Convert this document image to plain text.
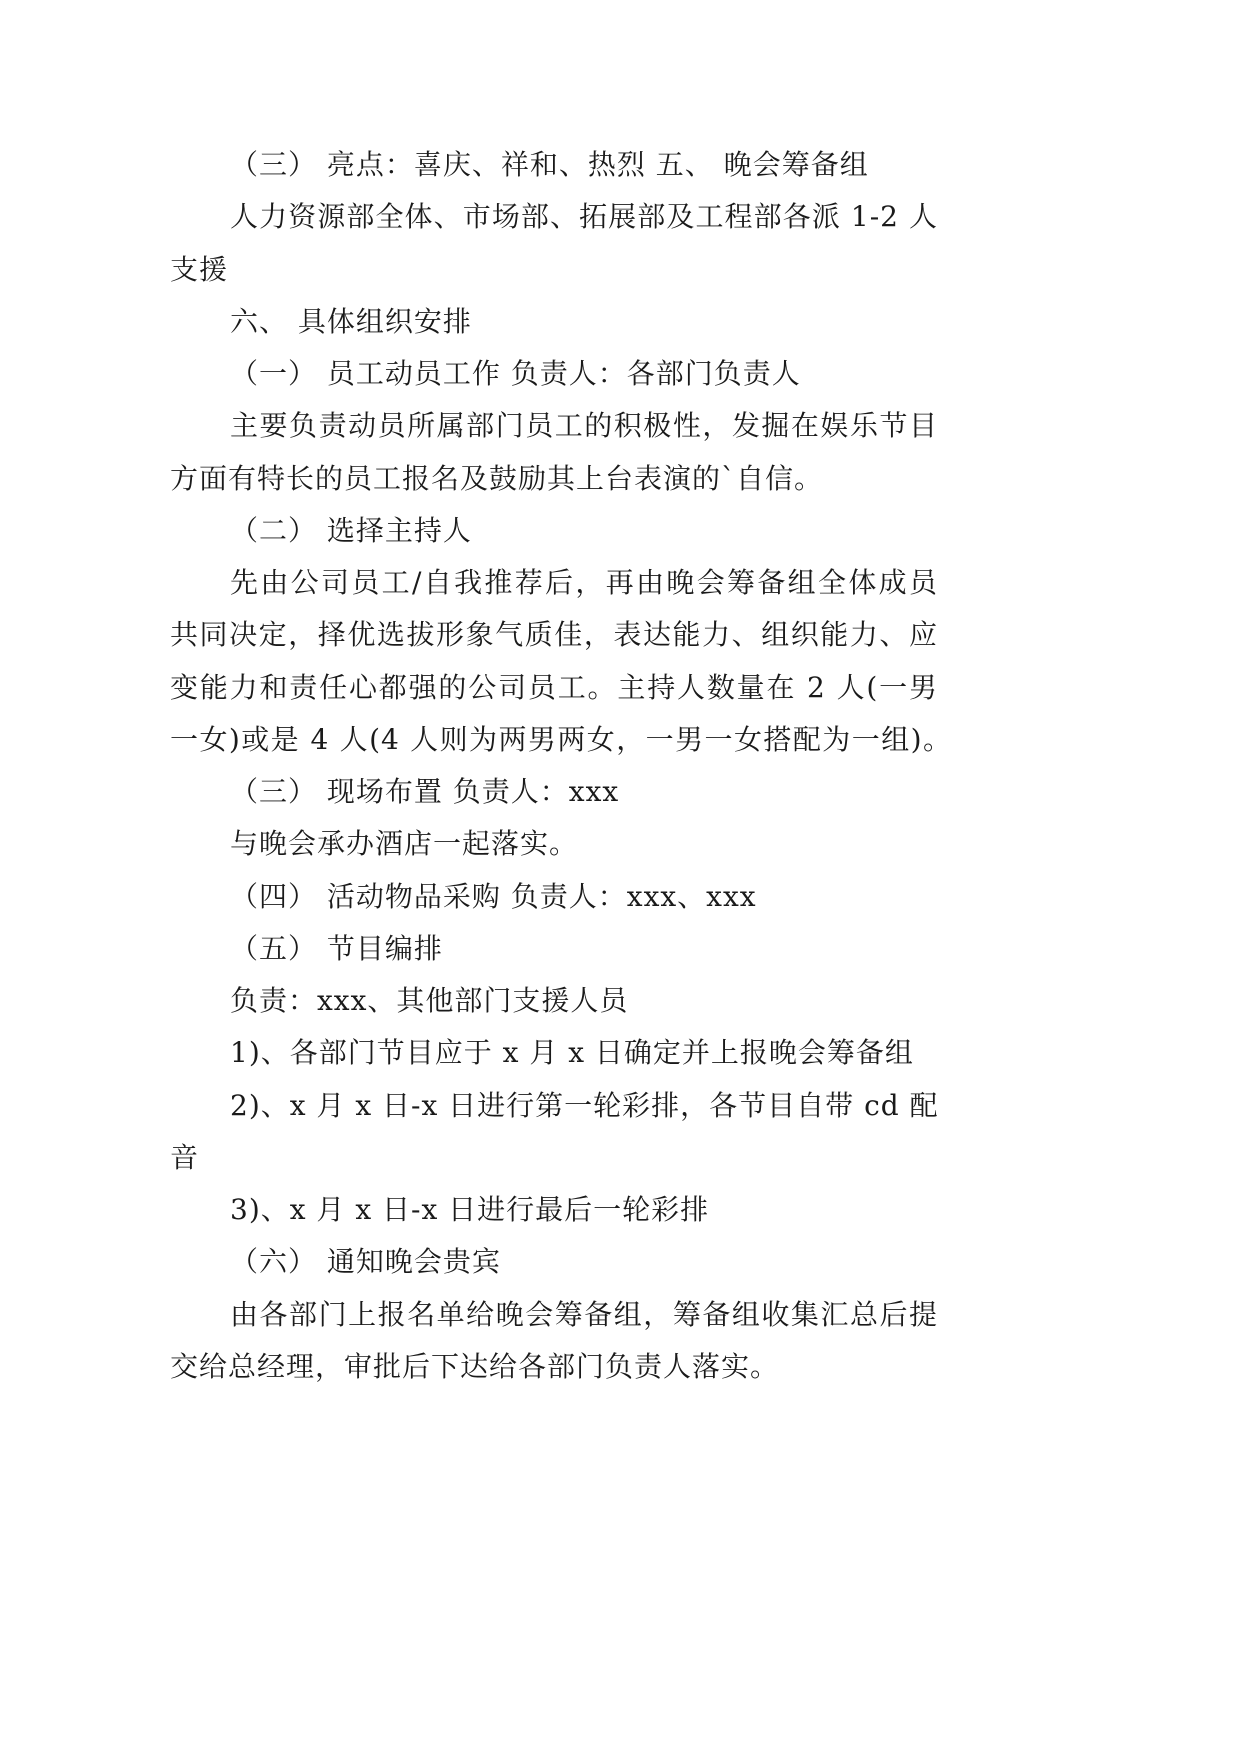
（三） 亮点：喜庆、祥和、热烈 五、 晚会筹备组
人力资源部全体、市场部、拓展部及工程部各派 1-2 人
支援
六、 具体组织安排
（一） 员工动员工作 负责人：各部门负责人
主要负责动员所属部门员工的积极性，发掘在娱乐节目
方面有特长的员工报名及鼓励其上台表演的`自信。
（二） 选择主持人
先由公司员工/自我推荐后，再由晚会筹备组全体成员
共同决定，择优选拔形象气质佳，表达能力、组织能力、应
变能力和责任心都强的公司员工。主持人数量在 2 人(一男
一女)或是 4 人(4 人则为两男两女，一男一女搭配为一组)。
（三） 现场布置 负责人：xxx
与晚会承办酒店一起落实。
（四） 活动物品采购 负责人：xxx、xxx
（五） 节目编排
负责：xxx、其他部门支援人员
1)、各部门节目应于 x 月 x 日确定并上报晚会筹备组
2)、x 月 x 日-x 日进行第一轮彩排，各节目自带 cd 配
音
3)、x 月 x 日-x 日进行最后一轮彩排
（六） 通知晚会贵宾
由各部门上报名单给晚会筹备组，筹备组收集汇总后提
交给总经理，审批后下达给各部门负责人落实。
